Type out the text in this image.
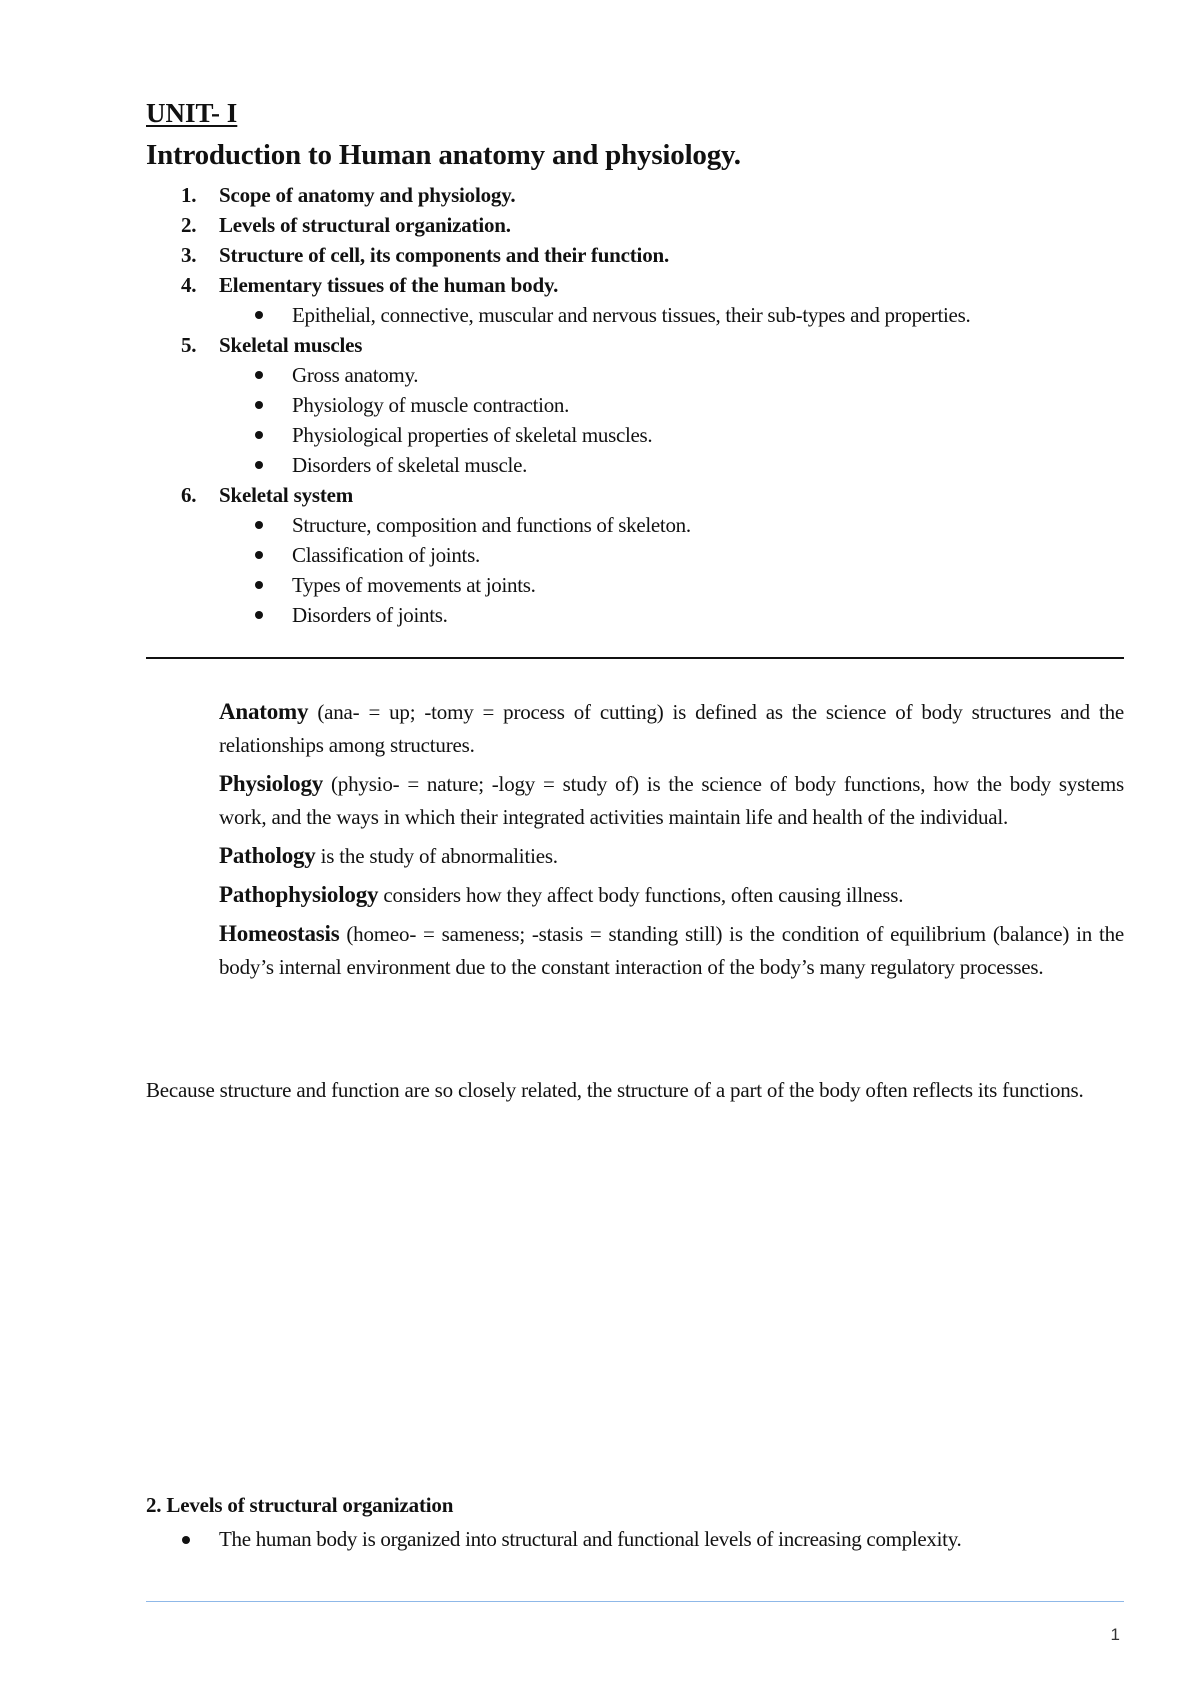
UNIT- I
Introduction to Human anatomy and physiology.
1. Scope of anatomy and physiology.
2. Levels of structural organization.
3. Structure of cell, its components and their function.
4. Elementary tissues of the human body.
Epithelial, connective, muscular and nervous tissues, their sub-types and properties.
5. Skeletal muscles
Gross anatomy.
Physiology of muscle contraction.
Physiological properties of skeletal muscles.
Disorders of skeletal muscle.
6. Skeletal system
Structure, composition and functions of skeleton.
Classification of joints.
Types of movements at joints.
Disorders of joints.

Anatomy (ana- = up; -tomy = process of cutting) is defined as the science of body structures and the relationships among structures.

Physiology (physio- = nature; -logy = study of) is the science of body functions, how the body systems work, and the ways in which their integrated activities maintain life and health of the individual.

Pathology is the study of abnormalities.

Pathophysiology considers how they affect body functions, often causing illness.

Homeostasis (homeo- = sameness; -stasis = standing still) is the condition of equilibrium (balance) in the body’s internal environment due to the constant interaction of the body’s many regulatory processes.

Because structure and function are so closely related, the structure of a part of the body often reflects its functions.

2. Levels of structural organization
The human body is organized into structural and functional levels of increasing complexity.
1
